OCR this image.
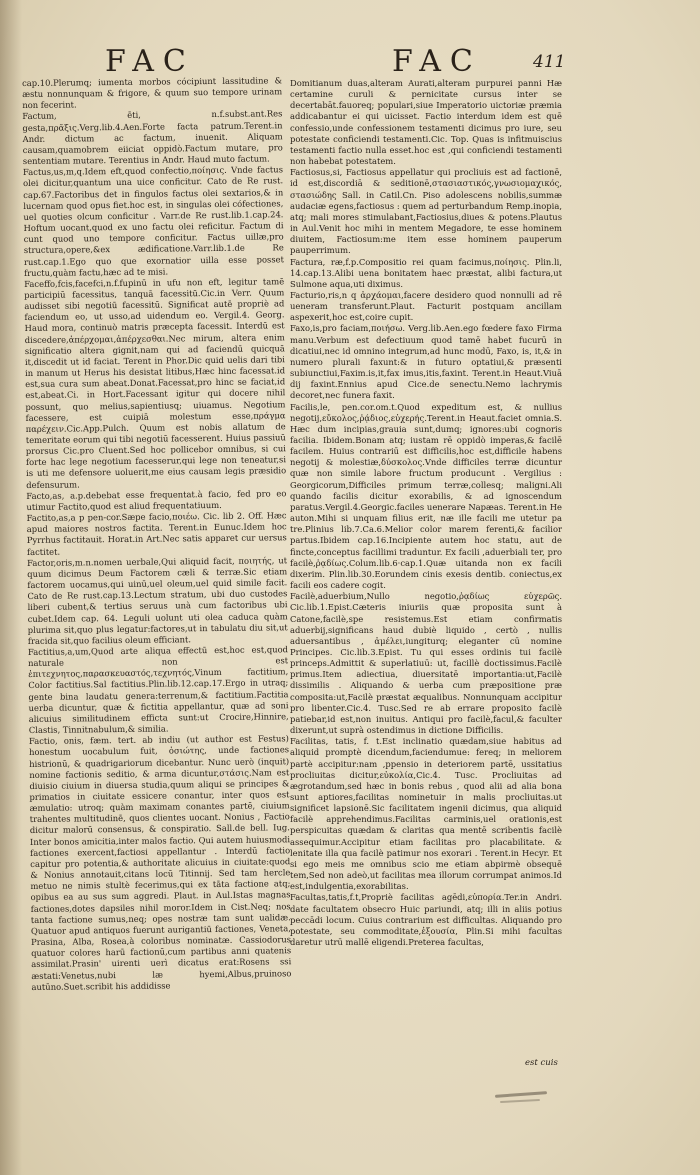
FAC	FAC	411

cap.10.Plerumq; iumenta morbos cócipiunt lassitudine & æstu nonnunquam & frigore, & quum suo tempore urinam non fecerint.

Factum, ēti, n.f.subst.ant.Res gesta,πρᾶξις.Verg.lib.4.Aen.Forte facta patrum.Terent.in Andr. dictum ac factum, inuenit. Aliquam causam,quamobrem eiiciat oppidò.Factum mutare, pro sententiam mutare. Terentius in Andr. Haud muto factum.

Factus,us,m,q.Idem eft,quod confectio,ποίησις. Vnde factus olei dicitur,quantum una uice conficitur. Cato de Re rust. cap.67.Factoribus det in fingulos factus olei sextarios,& in lucernam quod opus fiet.hoc est, in singulas olei cófectiones, uel quoties olcum conficitur . Varr.de Re rust.lib.1.cap.24. Hoftum uocant,quod ex uno factu olei reficitur. Factum di cunt quod uno tempore conficitur. Factus uillæ,pro structura,opere,&ex ædificatione.Varr.lib.1.de Re rust.cap.1.Ego quo que exornatior uilla esse posset fructu,quàm factu,hæc ad te misi.

Faceffo,fcis,facefci,n.f.fupinū in ufu non eft, legitur tamē participiū facessitus, tanquā facessitū.Cic.in Verr. Quum audisset sibi negotiū facessitū. Significat autē propriè ad faciendum eo, ut usso,ad uidendum eo. Vergil.4. Georg. Haud mora, continuò matris præcepta facessit. Interdū est discedere,ἀπέρχομαι,ἀπέρχεσθαι.Nec mirum, altera enim significatio altera gignit,nam qui ad faciendū quicquā it,discedit ut id faciat. Terent in Phor.Dic quid uelis dari tibi in manum ut Herus his desistat litibus,Hæc hinc facessat.id est,sua cura sum abeat.Donat.Facessat,pro hinc se faciat,id est,abeat.Ci. in Hort.Facessant igitur qui docere nihil possunt, quo melius,sapientiusq; uiuamus. Negotium facessere, est cuipiā molestum esse,πράγμα παρέχειν.Cic.App.Pulch. Quum est nobis allatum de temeritate eorum qui tibi negotiū facesserent. Huius passiuū prorsus Cic.pro Cluent.Sed hoc pollicebor omnibus, si cui forte hac lege negotium facesserur,qui lege non teneatur,si is uti me defensore uoluerit,me eius causam legis præsidio defensurum.

Facto,as, a.p.debebat esse frequentat.à facio, fed pro eo utimur Factito,quod est aliud frequentatiuum.

Factito,as,a p pen-cor.Sæpe facio,ποιέω. Cic. lib 2. Off. Hæc apud maiores nostros factita. Terent.in Eunuc.Idem hoc Pyrrhus factitauit. Horat.in Art.Nec satis apparet cur uersus factitet.

Factor,oris,m.n.nomen uerbale,Qui aliquid facit, ποιητής, ut quum dicimus Deum Factorem cæli & terræ.Sic etiam factorem uocamus,qui uinū,uel oleum,uel quid simile facit. Cato de Re rust.cap.13.Lectum stratum, ubi duo custodes liberi cubent,& tertius seruus unà cum factoribus ubi cubet.Idem cap. 64. Leguli uolunt uti olea caduca quàm plurima sit,quo plus legatur:factores,ut in tabulatu diu sit,ut fracida sit,quo facilius oleum efficiant.

Factitius,a,um,Quod arte aliqua effectū est,hoc est,quod naturale non est ἐπιτεχνητος,παρασκευαστός,τεχνητός,Vinum factitium, Color factitius.Sal factitius.Plin.lib.12.cap.17.Ergo in utraq; gente bina laudatu genera:terrenum,& factitium.Factitia uerba dicuntur, quæ & fictitia appellantur, quæ ad soni alicuius similitudinem efficta sunt:ut Crocire,Hinnire, Clastis, Tinnitnabulum,& similia.

Factio, onis, fæm. tert. ab indiu (ut author est Festus) honestum uocabulum fuit, ὁσιώτης, unde factiones histrionū, & quadrigariorum dicebantur. Nunc uerò (inquit) nomine factionis seditio, & arma dicuntur,στάσις.Nam est diuisio ciuium in diuersa studia,quum aliqui se principes & primatios in ciuitate essicere conantur, inter quos est æmulatio: utroq; quàm maximam conantes partē, ciuium trahentes multitudinē, quos clientes uocant. Nonius , Factio dicitur malorū consensus, & conspiratio. Sall.de bell. Iug. Inter bonos amicitia,inter malos factio. Qui autem huiusmodi factiones exercent,factiosi appellantur . Interdū factio capitur pro potentia,& authoritate alicuius in ciuitate:quod & Nonius annotauit,citans locū Titinnij. Sed tam hercle metuo ne nimis stultè fecerimus,qui ex tāta factione atq; opibus ea au sus sum aggredi. Plaut. in Aul.Istas magnas factiones,dotes dapsiles nihil moror.Idem in Cist.Neq; nos tanta factione sumus,neq; opes nostræ tam sunt ualidæ. Quatuor apud antiquos fuerunt aurigantiū factiones, Veneta, Prasina, Alba, Rosea,à coloribus nominatæ. Cassiodorus quatuor colores harū factionū,cum partibus anni quatenis assimilat.Prasin' uirenti uerì dicatus erat:Rosens ssi æstati:Venetus,nubi læ hyemi,Albus,pruinoso autūno.Suet.scribit his addidisse

Domitianum duas,alteram Aurati,alteram purpurei panni Hæ certamine curuli & pernicitate cursus inter se decertabāt.fauoreq; populari,siue Imperatorio uictoriæ præmia addicabantur ei qui uicisset. Factio interdum idem est quē confessio,unde confessionem testamenti dicimus pro iure, seu potestate conficiendi testamenti.Cic. Top. Quas is infitmuiscius testamenti factio nulla esset.hoc est ,qui conficiendi testamenti non habebat potestatem.

Factiosus,si, Factiosus appellatur qui procliuis est ad factionē, id est,discordiā & seditionē,στασιαστικός,γνωσιομαχικός, στασιώδης Sall. in Catil.Cn. Piso adolescens nobilis,summæ audaciæ egens,factiosus : quem ad perturbandum Remp.inopia, atq; mali mores stimulabant,Factiosius,diues & potens.Plautus in Aul.Venit hoc mihi in mentem Megadore, te esse hominem diuitem, Factiosum:me item esse hominem pauperum pauperrimum.

Factura, ræ,f.p.Compositio rei quam facimus,ποίησις. Plin.li, 14.cap.13.Alibi uena bonitatem haec præstat, alibi factura,ut Sulmone aqua,uti diximus.

Facturio,ris,n q ἀρχάομαι,facere desidero quod nonnulli ad rē ueneram transferunt.Plaut. Facturit postquam ancillam aspexerit,hoc est,coire cupit.

Faxo,is,pro faciam,ποιήσω. Verg.lib.Aen.ego fœdere faxo Firma manu.Verbum est defectiuum quod tamē habet fucurū in dicatiui,nec id omnino integrum,ad hunc modū, Faxo, is, it,& in numero plurali faxunt:& in futuro optatiui,& præsenti subiunctiui,Faxim.is,it,fax imus,itis,faxint. Terent.in Heaut.Viuā dij faxint.Ennius apud Cice.de senectu.Nemo lachrymis decoret,nec funera faxit.

Facilis,le, pen.cor.om.t.Quod expeditum est, & nullius negotij,εὔκολος,ῥᾴδιος,εὐχερής.Terent.in Heaut.faciet omnia.S. Hæc dum incipias,grauia sunt,dumq; ignores:ubi cognoris facilia. Ibidem.Bonam atq; iustam rē oppidò imperas,& facilē facilem. Huius contrariū est difficilis,hoc est,difficile habens negotij & molestiæ,δύσκολος.Vnde difficiles terræ dicuntur quæ non simile labore fructum producunt . Vergilius : Georgicorum,Difficiles primum terræ,collesq; maligni.Ali quando facilis dicitur exorabilis, & ad ignoscendum paratus.Vergil.4.Georgic.faciles uenerare Napæas. Terent.in He auton.Mihi si unquam filius erit, næ ille facili me utetur pa tre.Plinius lib.7.Ca.6.Melior color marem ferenti,& facilior partus.Ibidem cap.16.Incipiente autem hoc statu, aut de fincte,conceptus facillimi traduntur. Ex facili ,aduerbiali ter, pro facilè,ῥᾳδίως.Colum.lib.6·cap.1.Quæ uitanda non ex facili dixerim. Plin.lib.30.Eorundem cinis exesis dentib. coniectus,ex facili eos cadere cogit.

Facilè,aduerbium,Nullo negotio,ῥᾳδίως εὐχερῶς. Cic.lib.1.Epist.Cæteris iniuriis quæ proposita sunt à Catone,facilè,spe resistemus.Est etiam confirmatis aduerbij,significans haud dubiè liquido , certò , nullis aduersantibus , ἀμέλει,iungiturq; eleganter cū nomine Principes. Cic.lib.3.Epist. Tu qui esses ordinis tui facilè princeps.Admittit & superlatiuū: ut, facillè doctissimus.Facilè primus.Item adiectiua, diuersitatē importantia:ut,Facilè dissimilis . Aliquando & uerba cum præpositione præ composita:ut,Facilè præstat æqualibus. Nonnunquam accipitur pro libenter.Cic.4. Tusc.Sed re ab errare proposito facilè patiebar,id est,non inuitus. Antiqui pro facilè,facul,& faculter dixerunt,ut suprà ostendimus in dictione Difficilis.

Facilitas, tatis, f. t.Est inclinatio quædam,siue habitus ad aliquid promptè dicendum,faciendumue: fereq; in meliorem partè accipitur:nam ,ppensio in deteriorem partē, ussitatius procliuitas dicitur,εὐκολία,Cic.4. Tusc. Procliuitas ad ægrotandum,sed hæc in bonis rebus , quod alii ad alia bona sunt aptiores,facilitas nominetuir in malis procliuitas.ut significet lapsionē.Sic facilitatem ingenii dicimus, qua aliquid facilè apprehendimus.Facilitas carminis,uel orationis,est perspicuitas quædam & claritas qua mentē scribentis facilè assequimur.Accipitur etiam facilitas pro placabilitate. & lenitate illa qua facilè patimur nos exorari . Terent.in Hecyr. Et si ego meis me omnibus scio me etiam abpirmè obsequē tem,Sed non adeò,ut facilitas mea illorum corrumpat animos.Id est,indulgentia,exorabilitas.

Facultas,tatis,f.t,Propriè facilitas agēdi,εὐπορία.Ter.in Andri. date facultatem obsecro Huic pariundi, atq; illi in aliis potius peccādi locum. Cuius contrarium est difficultas. Aliquando pro potestate, seu commoditate,ἐξουσία, Plin.Si mihi facultas daretur utrū mallē eligendi.Preterea facultas,

est cuis
